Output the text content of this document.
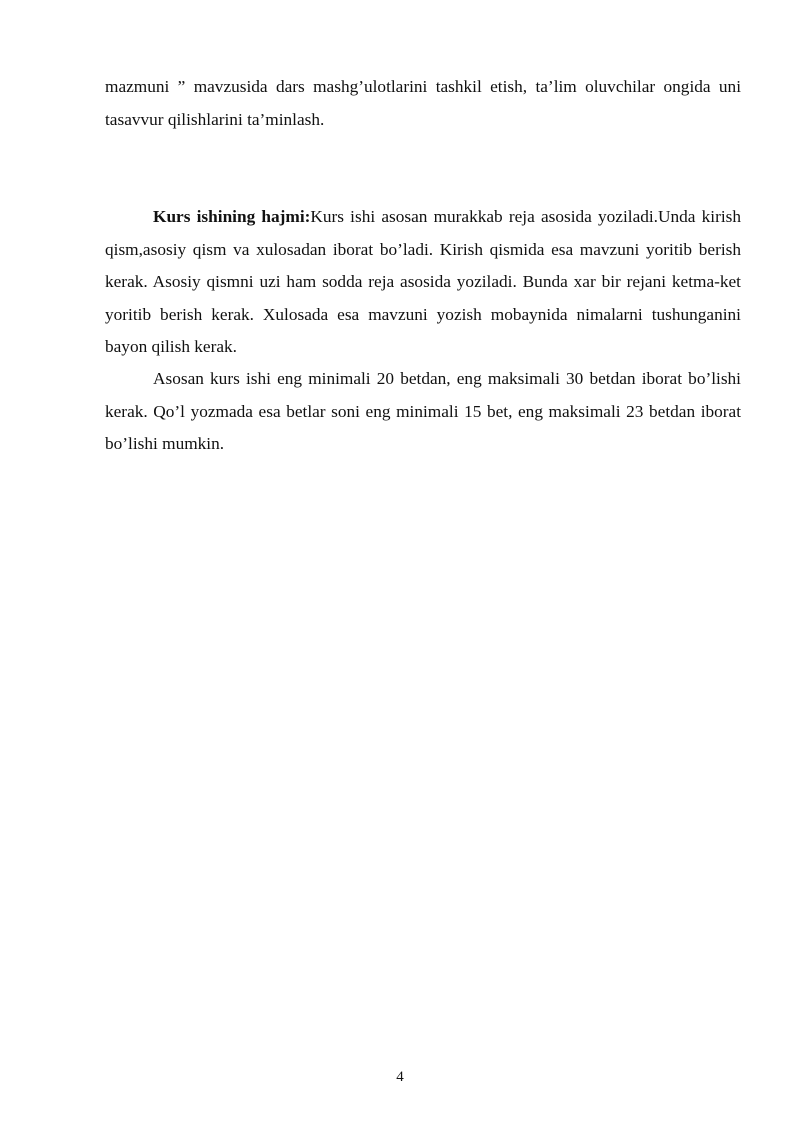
mazmuni ” mavzusida dars mashg’ulotlarini tashkil etish, ta’lim oluvchilar ongida uni tasavvur qilishlarini ta’minlash.

Kurs ishining hajmi:Kurs ishi asosan murakkab reja asosida yoziladi.Unda kirish qism,asosiy qism va xulosadan iborat bo’ladi. Kirish qismida esa mavzuni yoritib berish kerak. Asosiy qismni uzi ham sodda reja asosida yoziladi. Bunda xar bir rejani ketma-ket yoritib berish kerak. Xulosada esa mavzuni yozish mobaynida nimalarni tushunganini bayon qilish kerak.

Asosan kurs ishi eng minimali 20 betdan, eng maksimali 30 betdan iborat bo’lishi kerak. Qo’l yozmada esa betlar soni eng minimali 15 bet, eng maksimali 23 betdan iborat bo’lishi mumkin.

4
